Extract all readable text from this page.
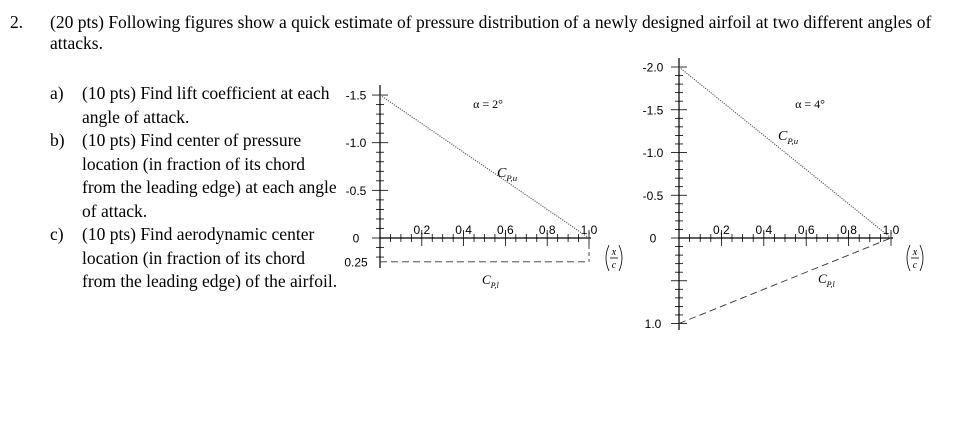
2. (20 pts) Following figures show a quick estimate of pressure distribution of a newly designed airfoil at two different angles of attacks.
a) (10 pts) Find lift coefficient at each angle of attack.
b) (10 pts) Find center of pressure location (in fraction of its chord from the leading edge) at each angle of attack.
c) (10 pts) Find aerodynamic center location (in fraction of its chord from the leading edge) of the airfoil.
-1.5
-1.0
-0.5
0
0.25
0,2 0,4 0,6 0,8 1.0
$C_{P,u}$
$C_{P,l}$
α = 2°
x
c
-2.0
-1.5
-1.0
-0.5
0
1.0
0,2 0,4 0,6 0,8 1.0
$C_{P,u}$
$C_{P,l}$
α = 4°
x
c
